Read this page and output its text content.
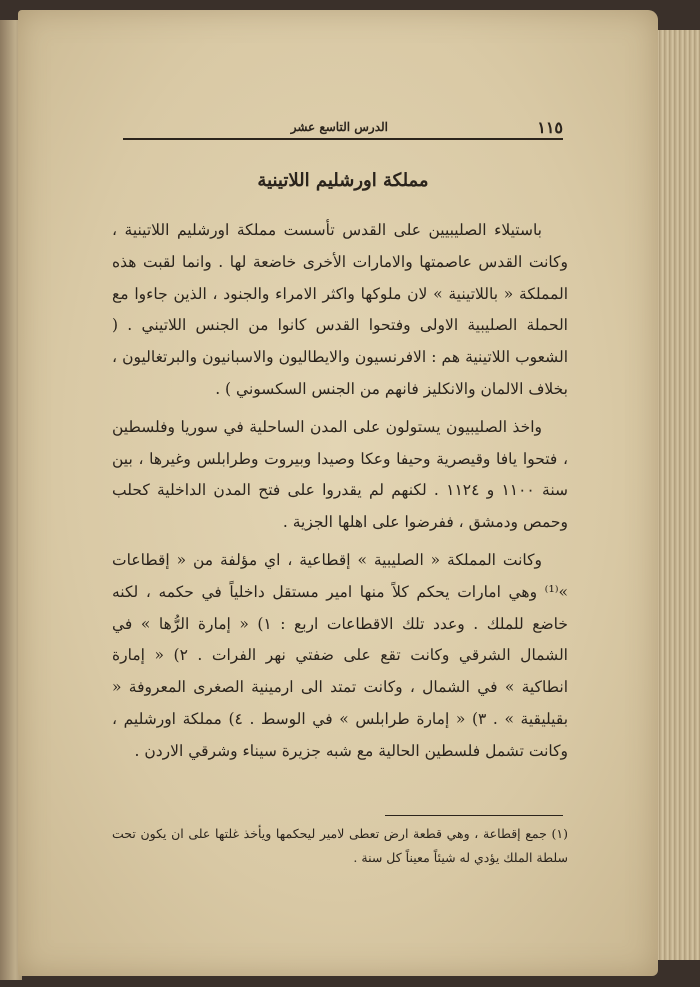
١١٥
الدرس التاسع عشر
مملكة اورشليم اللاتينية

باستيلاء الصليبيين على القدس تأسست مملكة اورشليم اللاتينية ، وكانت القدس عاصمتها والامارات الأخرى خاضعة لها . وانما لقبت هذه المملكة « باللاتينية » لان ملوكها واكثر الامراء والجنود ، الذين جاءوا مع الحملة الصليبية الاولى وفتحوا القدس كانوا من الجنس اللاتيني . ( الشعوب اللاتينية هم : الافرنسيون والايطاليون والاسبانيون والبرتغاليون ، بخلاف الالمان والانكليز فانهم من الجنس السكسوني ) .

واخذ الصليبيون يستولون على المدن الساحلية في سوريا وفلسطين ، فتحوا يافا وقيصرية وحيفا وعكا وصيدا وبيروت وطرابلس وغيرها ، بين سنة ١١٠٠ و ١١٢٤ . لكنهم لم يقدروا على فتح المدن الداخلية كحلب وحمص ودمشق ، ففرضوا على اهلها الجزية .

وكانت المملكة « الصليبية » إقطاعية ، اي مؤلفة من « إقطاعات »⁽¹⁾ وهي امارات يحكم كلاً منها امير مستقل داخلياً في حكمه ، لكنه خاضع للملك . وعدد تلك الاقطاعات اربع : ١) « إمارة الرُّها » في الشمال الشرقي وكانت تقع على ضفتي نهر الفرات . ٢) « إمارة انطاكية » في الشمال ، وكانت تمتد الى ارمينية الصغرى المعروفة « بقيليقية » . ٣) « إمارة طرابلس » في الوسط . ٤) مملكة اورشليم ، وكانت تشمل فلسطين الحالية مع شبه جزيرة سيناء وشرقي الاردن .

(١) جمع إقطاعة ، وهي قطعة ارض تعطى لامير ليحكمها ويأخذ غلتها على ان يكون تحت سلطة الملك يؤدي له شيئاً معيناً كل سنة .
